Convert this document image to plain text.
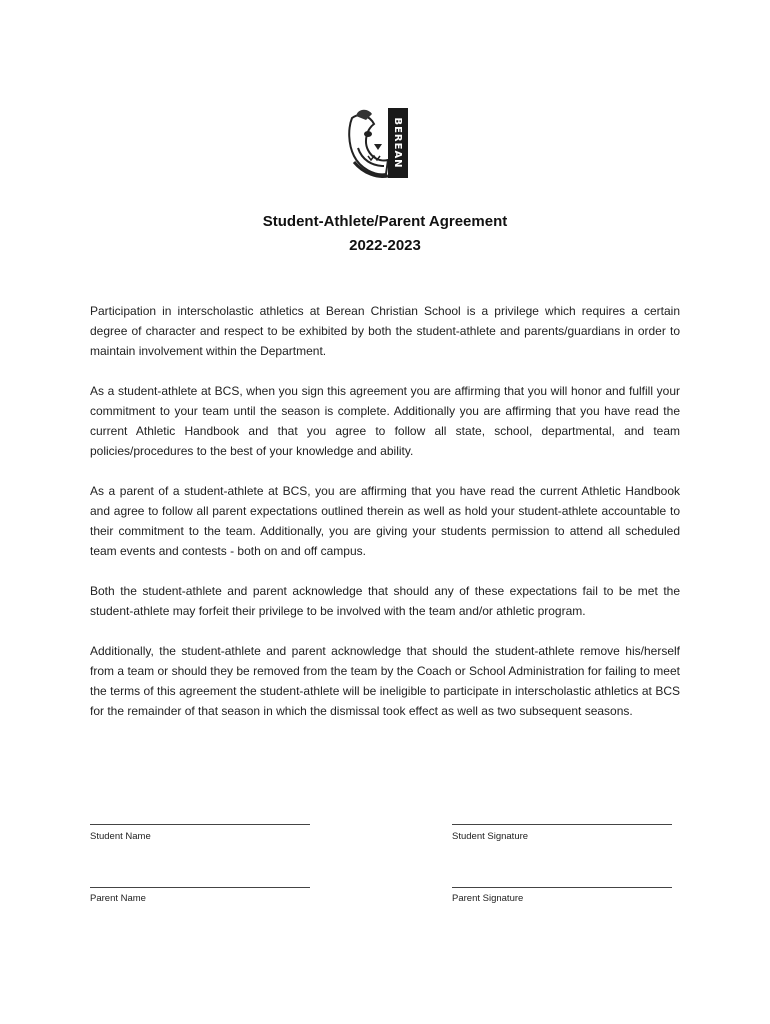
BEREAN
Student-Athlete/Parent Agreement
2022-2023

Participation in interscholastic athletics at Berean Christian School is a privilege which requires a certain degree of character and respect to be exhibited by both the student-athlete and parents/guardians in order to maintain involvement within the Department.

As a student-athlete at BCS, when you sign this agreement you are affirming that you will honor and fulfill your commitment to your team until the season is complete. Additionally you are affirming that you have read the current Athletic Handbook and that you agree to follow all state, school, departmental, and team policies/procedures to the best of your knowledge and ability.

As a parent of a student-athlete at BCS, you are affirming that you have read the current Athletic Handbook and agree to follow all parent expectations outlined therein as well as hold your student-athlete accountable to their commitment to the team. Additionally, you are giving your students permission to attend all scheduled team events and contests - both on and off campus.

Both the student-athlete and parent acknowledge that should any of these expectations fail to be met the student-athlete may forfeit their privilege to be involved with the team and/or athletic program.

Additionally, the student-athlete and parent acknowledge that should the student-athlete remove his/herself from a team or should they be removed from the team by the Coach or School Administration for failing to meet the terms of this agreement the student-athlete will be ineligible to participate in interscholastic athletics at BCS for the remainder of that season in which the dismissal took effect as well as two subsequent seasons.

Student Name	Student Signature
Parent Name	Parent Signature
